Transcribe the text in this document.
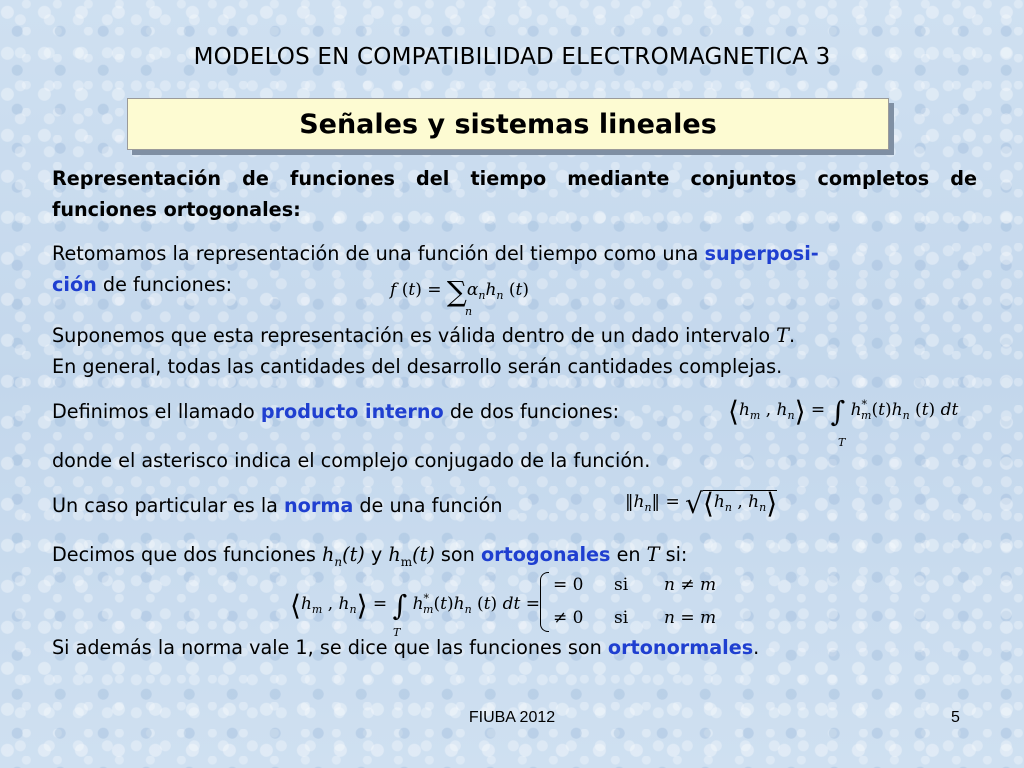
MODELOS EN COMPATIBILIDAD ELECTROMAGNETICA 3
Señales y sistemas lineales
Representación de funciones del tiempo mediante conjuntos completos de
funciones ortogonales:
Retomamos la representación de una función del tiempo como una superposi-
ción de funciones:	f $(t) = \sum\alpha_nh_n$ (t)
n
Suponemos que esta representación es válida dentro de un dado intervalo T.
En general, todas las cantidades del desarrollo serán cantidades complejas.
Definimos el llamado producto interno de dos funciones:	$⟨h_m$ , $h_n⟩$ = ∫ $h^*_m(t)h_n$ (t) dt
T
donde el asterisco indica el complejo conjugado de la función.
Un caso particular es la norma de una función	$‖h_n‖$ = $√⟨h_n$ , $h_n⟩$
Decimos que dos funciones $h_n(t)$ y $h_m(t)$ son ortogonales en T si:
$⟨h_m$ , $h_n⟩$ = ∫ $h^*_m(t)h_n$ (t) dt =
T
= 0 si n ≠ m
≠ 0 si n = m
Si además la norma vale 1, se dice que las funciones son ortonormales.
FIUBA 2012	5
